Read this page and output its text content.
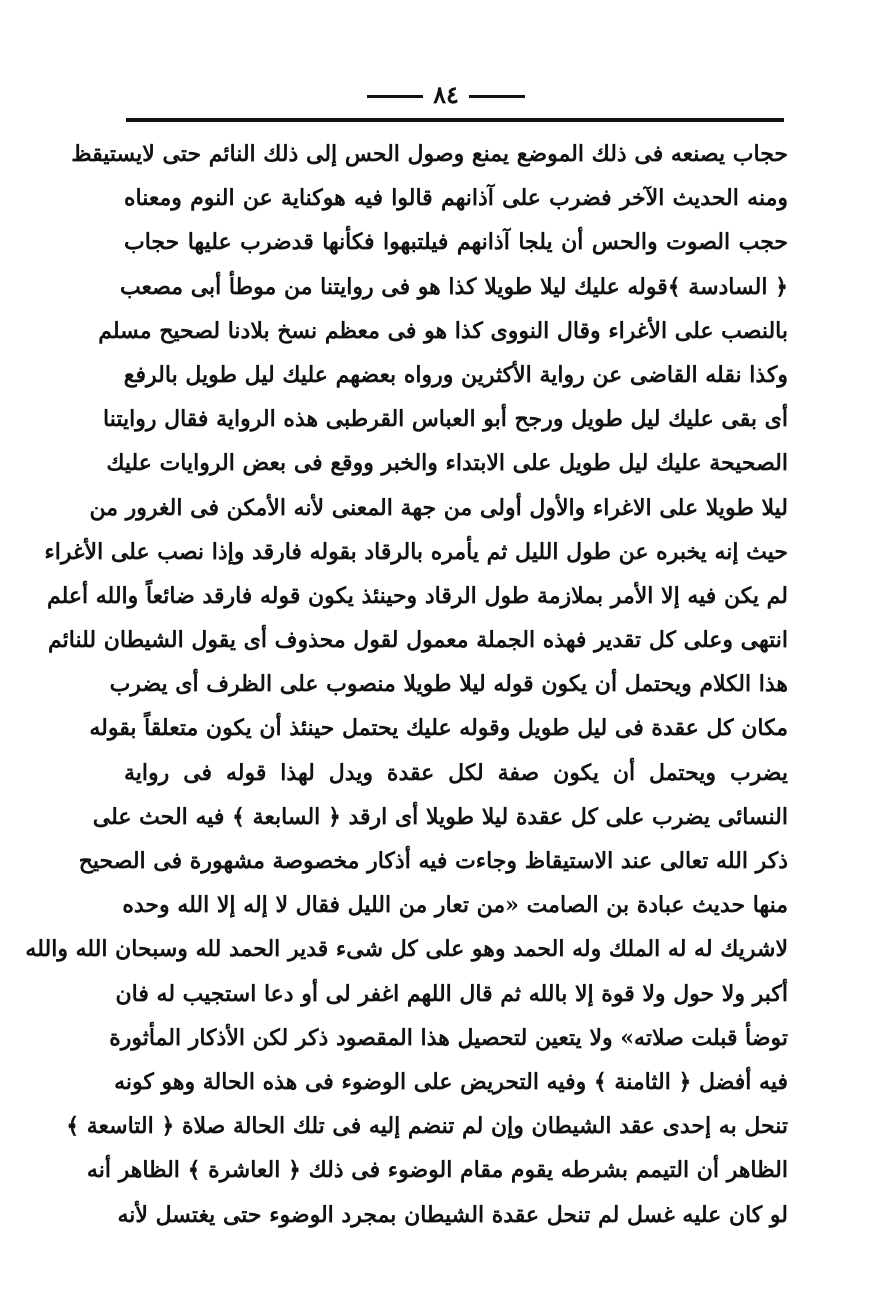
٨٤
حجاب يصنعه فى ذلك الموضع يمنع وصول الحس إلى ذلك النائم حتى لايستيقظ
ومنه الحديث الآخر فضرب على آذانهم قالوا فيه هوكناية عن النوم ومعناه
حجب الصوت والحس أن يلجا آذانهم فيلتبهوا فكأنها قدضرب عليها حجاب
﴿ السادسة ﴾قوله عليك ليلا طويلا كذا هو فى روايتنا من موطأ أبى مصعب
بالنصب على الأغراء وقال النووى كذا هو فى معظم نسخ بلادنا لصحيح مسلم
وكذا نقله القاضى عن رواية الأكثرين ورواه بعضهم عليك ليل طويل بالرفع
أى بقى عليك ليل طويل ورجح أبو العباس القرطبى هذه الرواية فقال روايتنا
الصحيحة عليك ليل طويل على الابتداء والخبر ووقع فى بعض الروايات عليك
ليلا طويلا على الاغراء والأول أولى من جهة المعنى لأنه الأمكن فى الغرور من
حيث إنه يخبره عن طول الليل ثم يأمره بالرقاد بقوله فارقد وإذا نصب على الأغراء
لم يكن فيه إلا الأمر بملازمة طول الرقاد وحينئذ يكون قوله فارقد ضائعاً والله أعلم
انتهى وعلى كل تقدير فهذه الجملة معمول لقول محذوف أى يقول الشيطان للنائم
هذا الكلام ويحتمل أن يكون قوله ليلا طويلا منصوب على الظرف أى يضرب
مكان كل عقدة فى ليل طويل وقوله عليك يحتمل حينئذ أن يكون متعلقاً بقوله
يضرب ويحتمل أن يكون صفة لكل عقدة ويدل لهذا قوله فى رواية
النسائى يضرب على كل عقدة ليلا طويلا أى ارقد ﴿ السابعة ﴾ فيه الحث على
ذكر الله تعالى عند الاستيقاظ وجاءت فيه أذكار مخصوصة مشهورة فى الصحيح
منها حديث عبادة بن الصامت «من تعار من الليل فقال لا إله إلا الله وحده
لاشريك له له الملك وله الحمد وهو على كل شىء قدير الحمد لله وسبحان الله والله
أكبر ولا حول ولا قوة إلا بالله ثم قال اللهم اغفر لى أو دعا استجيب له فان
توضأ قبلت صلاته» ولا يتعين لتحصيل هذا المقصود ذكر لكن الأذكار المأثورة
فيه أفضل ﴿ الثامنة ﴾ وفيه التحريض على الوضوء فى هذه الحالة وهو كونه
تنحل به إحدى عقد الشيطان وإن لم تنضم إليه فى تلك الحالة صلاة ﴿ التاسعة ﴾
الظاهر أن التيمم بشرطه يقوم مقام الوضوء فى ذلك ﴿ العاشرة ﴾ الظاهر أنه
لو كان عليه غسل لم تنحل عقدة الشيطان بمجرد الوضوء حتى يغتسل لأنه
